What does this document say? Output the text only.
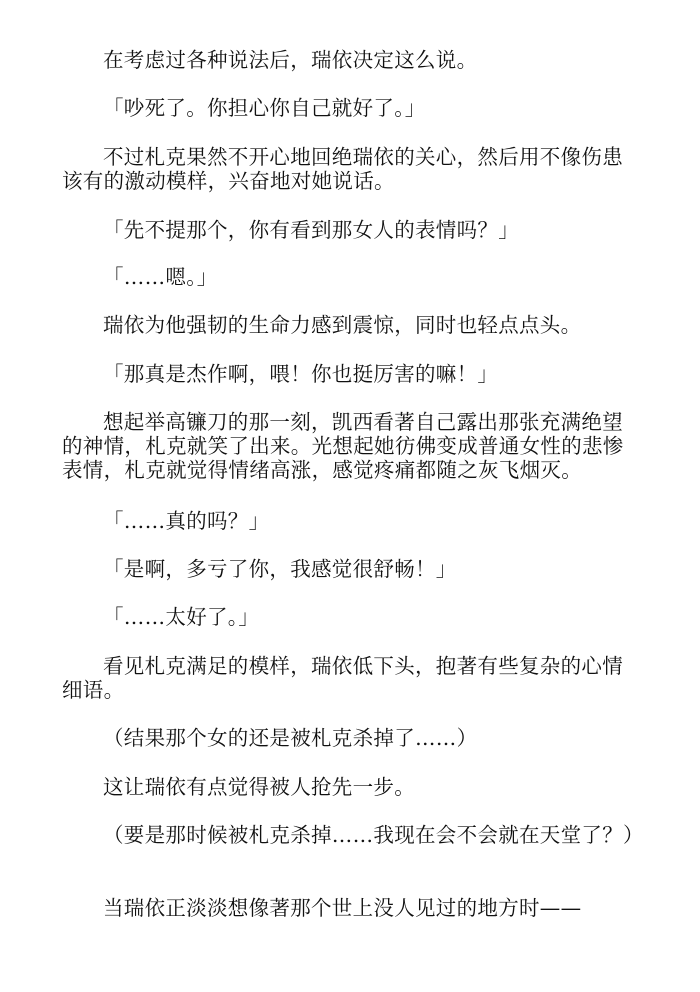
在考虑过各种说法后，瑞依决定这么说。

「吵死了。你担心你自己就好了。」

不过札克果然不开心地回绝瑞依的关心，然后用不像伤患该有的激动模样，兴奋地对她说话。

「先不提那个，你有看到那女人的表情吗？」

「……嗯。」

瑞依为他强韧的生命力感到震惊，同时也轻点点头。

「那真是杰作啊，喂！你也挺厉害的嘛！」

想起举高镰刀的那一刻，凯西看著自己露出那张充满绝望的神情，札克就笑了出来。光想起她彷佛变成普通女性的悲惨表情，札克就觉得情绪高涨，感觉疼痛都随之灰飞烟灭。

「……真的吗？」

「是啊，多亏了你，我感觉很舒畅！」

「……太好了。」

看见札克满足的模样，瑞依低下头，抱著有些复杂的心情细语。

（结果那个女的还是被札克杀掉了……）

这让瑞依有点觉得被人抢先一步。

（要是那时候被札克杀掉……我现在会不会就在天堂了？）

当瑞依正淡淡想像著那个世上没人见过的地方时——
